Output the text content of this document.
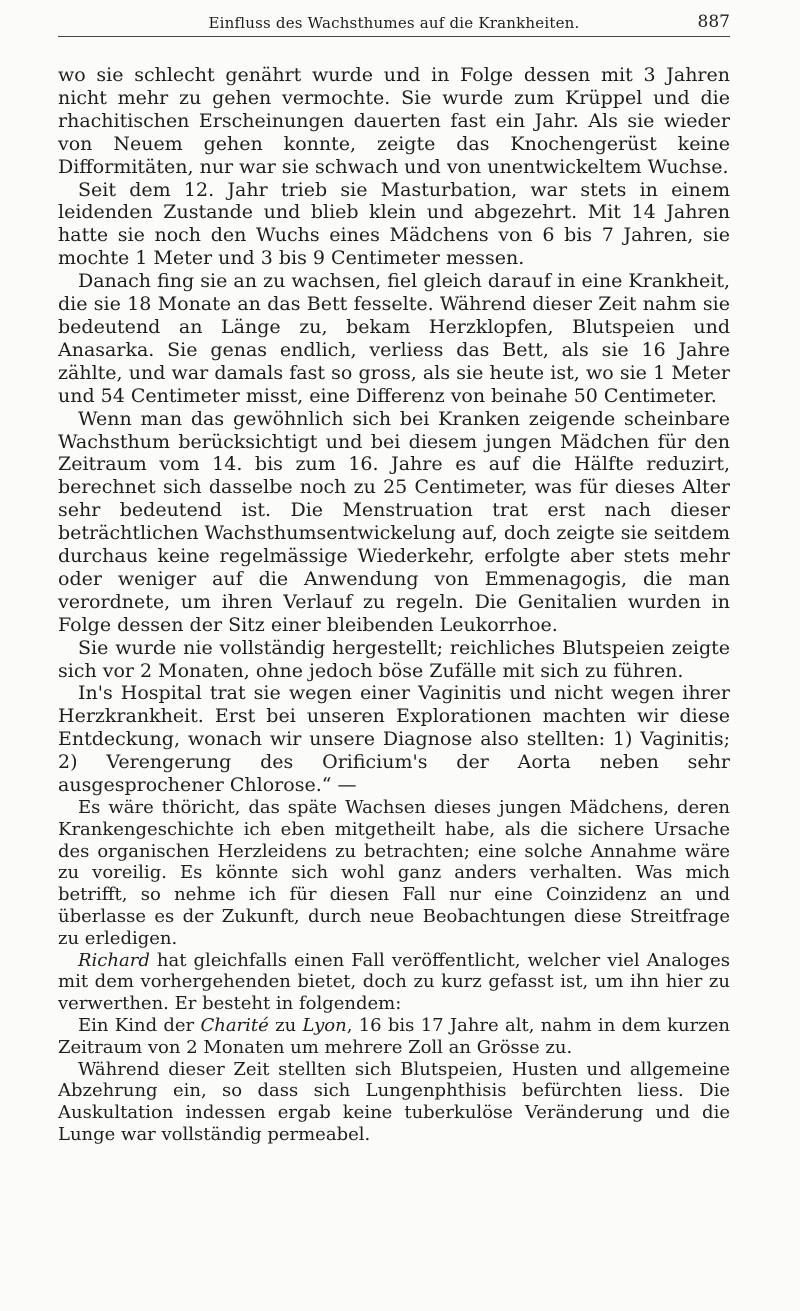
Einfluss des Wachsthumes auf die Krankheiten.	887

wo sie schlecht genährt wurde und in Folge dessen mit 3 Jahren nicht mehr zu gehen vermochte. Sie wurde zum Krüppel und die rhachitischen Erscheinungen dauerten fast ein Jahr. Als sie wieder von Neuem gehen konnte, zeigte das Knochengerüst keine Difformitäten, nur war sie schwach und von unentwickeltem Wuchse.

Seit dem 12. Jahr trieb sie Masturbation, war stets in einem leidenden Zustande und blieb klein und abgezehrt. Mit 14 Jahren hatte sie noch den Wuchs eines Mädchens von 6 bis 7 Jahren, sie mochte 1 Meter und 3 bis 9 Centimeter messen.

Danach fing sie an zu wachsen, fiel gleich darauf in eine Krankheit, die sie 18 Monate an das Bett fesselte. Während dieser Zeit nahm sie bedeutend an Länge zu, bekam Herzklopfen, Blutspeien und Anasarka. Sie genas endlich, verliess das Bett, als sie 16 Jahre zählte, und war damals fast so gross, als sie heute ist, wo sie 1 Meter und 54 Centimeter misst, eine Differenz von beinahe 50 Centimeter.

Wenn man das gewöhnlich sich bei Kranken zeigende scheinbare Wachsthum berücksichtigt und bei diesem jungen Mädchen für den Zeitraum vom 14. bis zum 16. Jahre es auf die Hälfte reduzirt, berechnet sich dasselbe noch zu 25 Centimeter, was für dieses Alter sehr bedeutend ist. Die Menstruation trat erst nach dieser beträchtlichen Wachsthumsentwickelung auf, doch zeigte sie seitdem durchaus keine regelmässige Wiederkehr, erfolgte aber stets mehr oder weniger auf die Anwendung von Emmenagogis, die man verordnete, um ihren Verlauf zu regeln. Die Genitalien wurden in Folge dessen der Sitz einer bleibenden Leukorrhoe.

Sie wurde nie vollständig hergestellt; reichliches Blutspeien zeigte sich vor 2 Monaten, ohne jedoch böse Zufälle mit sich zu führen.

In's Hospital trat sie wegen einer Vaginitis und nicht wegen ihrer Herzkrankheit. Erst bei unseren Explorationen machten wir diese Entdeckung, wonach wir unsere Diagnose also stellten: 1) Vaginitis; 2) Verengerung des Orificium's der Aorta neben sehr ausgesprochener Chlorose.“ —

Es wäre thöricht, das späte Wachsen dieses jungen Mädchens, deren Krankengeschichte ich eben mitgetheilt habe, als die sichere Ursache des organischen Herzleidens zu betrachten; eine solche Annahme wäre zu voreilig. Es könnte sich wohl ganz anders verhalten. Was mich betrifft, so nehme ich für diesen Fall nur eine Coinzidenz an und überlasse es der Zukunft, durch neue Beobachtungen diese Streitfrage zu erledigen.

Richard hat gleichfalls einen Fall veröffentlicht, welcher viel Analoges mit dem vorhergehenden bietet, doch zu kurz gefasst ist, um ihn hier zu verwerthen. Er besteht in folgendem:

Ein Kind der Charité zu Lyon, 16 bis 17 Jahre alt, nahm in dem kurzen Zeitraum von 2 Monaten um mehrere Zoll an Grösse zu.

Während dieser Zeit stellten sich Blutspeien, Husten und allgemeine Abzehrung ein, so dass sich Lungenphthisis befürchten liess. Die Auskultation indessen ergab keine tuberkulöse Veränderung und die Lunge war vollständig permeabel.
